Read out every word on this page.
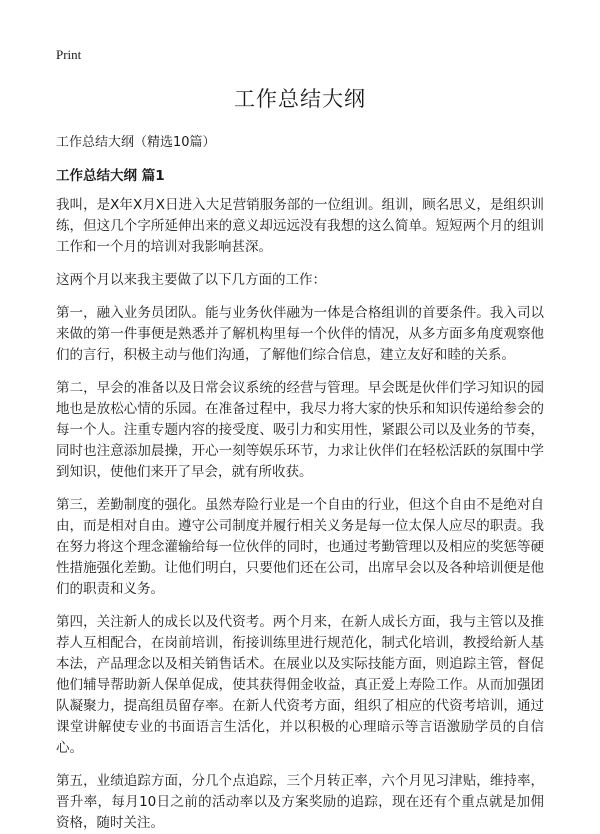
Print
工作总结大纲
工作总结大纲（精选10篇）
工作总结大纲 篇1

我叫，是X年X月X日进入大足营销服务部的一位组训。组训，顾名思义，是组织训练，但这几个字所延伸出来的意义却远远没有我想的这么简单。短短两个月的组训工作和一个月的培训对我影响甚深。

这两个月以来我主要做了以下几方面的工作：

第一，融入业务员团队。能与业务伙伴融为一体是合格组训的首要条件。我入司以来做的第一件事便是熟悉并了解机构里每一个伙伴的情况，从多方面多角度观察他们的言行，积极主动与他们沟通，了解他们综合信息，建立友好和睦的关系。

第二，早会的准备以及日常会议系统的经营与管理。早会既是伙伴们学习知识的园地也是放松心情的乐园。在准备过程中，我尽力将大家的快乐和知识传递给参会的每一个人。注重专题内容的接受度、吸引力和实用性，紧跟公司以及业务的节奏，同时也注意添加晨操，开心一刻等娱乐环节，力求让伙伴们在轻松活跃的氛围中学到知识，使他们来开了早会，就有所收获。

第三，差勤制度的强化。虽然寿险行业是一个自由的行业，但这个自由不是绝对自由，而是相对自由。遵守公司制度并履行相关义务是每一位太保人应尽的职责。我在努力将这个理念灌输给每一位伙伴的同时，也通过考勤管理以及相应的奖惩等硬性措施强化差勤。让他们明白，只要他们还在公司，出席早会以及各种培训便是他们的职责和义务。

第四，关注新人的成长以及代资考。两个月来，在新人成长方面，我与主管以及推荐人互相配合，在岗前培训，衔接训练里进行规范化，制式化培训，教授给新人基本法，产品理念以及相关销售话术。在展业以及实际技能方面，则追踪主管，督促他们辅导帮助新人保单促成，使其获得佣金收益，真正爱上寿险工作。从而加强团队凝聚力，提高组员留存率。在新人代资考方面，组织了相应的代资考培训，通过课堂讲解使专业的书面语言生活化，并以积极的心理暗示等言语激励学员的自信心。

第五，业绩追踪方面，分几个点追踪，三个月转正率，六个月见习津贴，维持率，晋升率，每月10日之前的活动率以及方案奖励的追踪，现在还有个重点就是加佣资格，随时关注。
